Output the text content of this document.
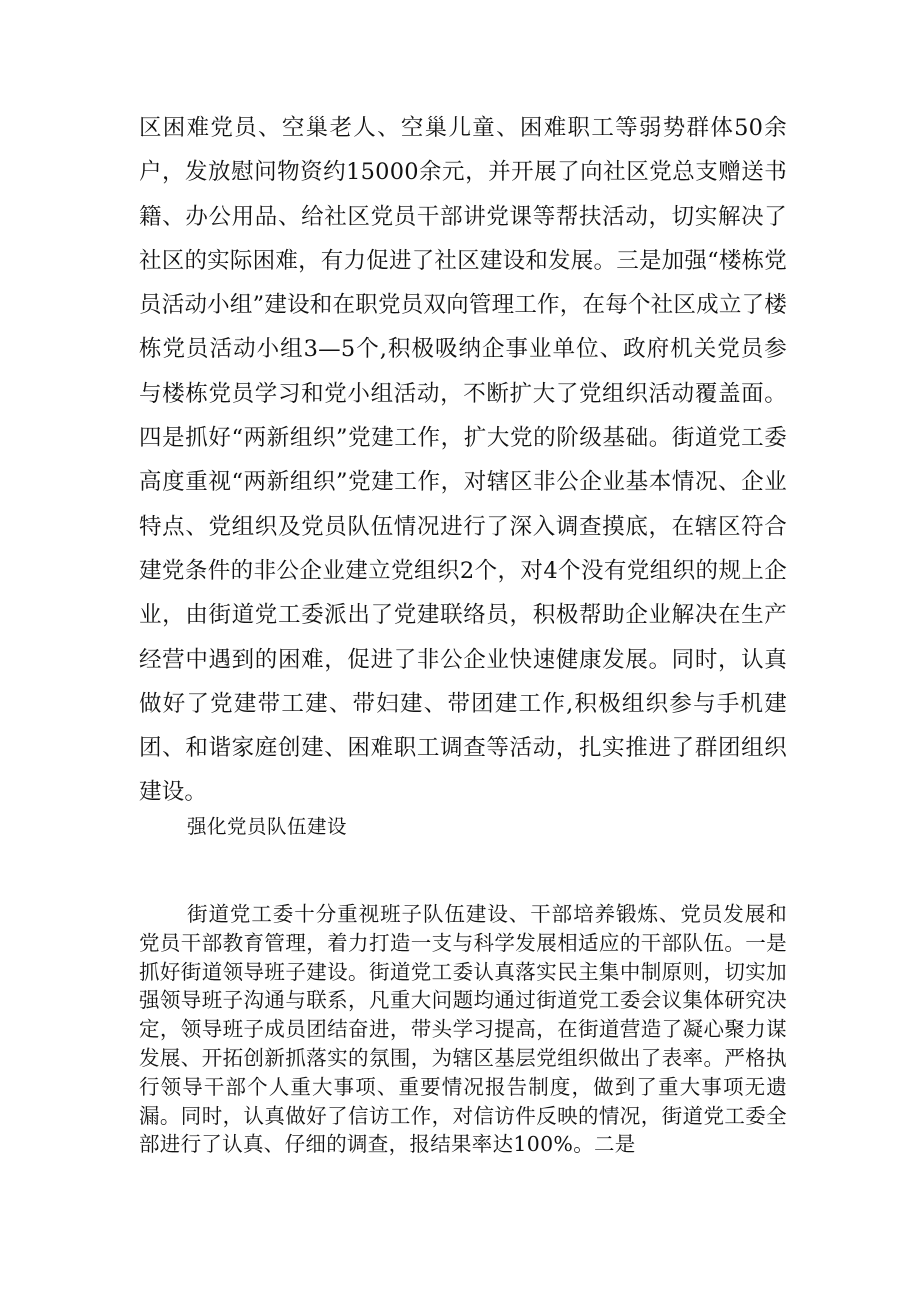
区困难党员、空巢老人、空巢儿童、困难职工等弱势群体50余户，发放慰问物资约15000余元，并开展了向社区党总支赠送书籍、办公用品、给社区党员干部讲党课等帮扶活动，切实解决了社区的实际困难，有力促进了社区建设和发展。三是加强“楼栋党员活动小组”建设和在职党员双向管理工作，在每个社区成立了楼栋党员活动小组3—5个,积极吸纳企事业单位、政府机关党员参与楼栋党员学习和党小组活动，不断扩大了党组织活动覆盖面。四是抓好“两新组织”党建工作，扩大党的阶级基础。街道党工委高度重视“两新组织”党建工作，对辖区非公企业基本情况、企业特点、党组织及党员队伍情况进行了深入调查摸底，在辖区符合建党条件的非公企业建立党组织2个，对4个没有党组织的规上企业，由街道党工委派出了党建联络员，积极帮助企业解决在生产经营中遇到的困难，促进了非公企业快速健康发展。同时，认真做好了党建带工建、带妇建、带团建工作,积极组织参与手机建团、和谐家庭创建、困难职工调查等活动，扎实推进了群团组织建设。

强化党员队伍建设

街道党工委十分重视班子队伍建设、干部培养锻炼、党员发展和党员干部教育管理，着力打造一支与科学发展相适应的干部队伍。一是抓好街道领导班子建设。街道党工委认真落实民主集中制原则，切实加强领导班子沟通与联系，凡重大问题均通过街道党工委会议集体研究决定，领导班子成员团结奋进，带头学习提高，在街道营造了凝心聚力谋发展、开拓创新抓落实的氛围，为辖区基层党组织做出了表率。严格执行领导干部个人重大事项、重要情况报告制度，做到了重大事项无遗漏。同时，认真做好了信访工作，对信访件反映的情况，街道党工委全部进行了认真、仔细的调查，报结果率达100%。二是
